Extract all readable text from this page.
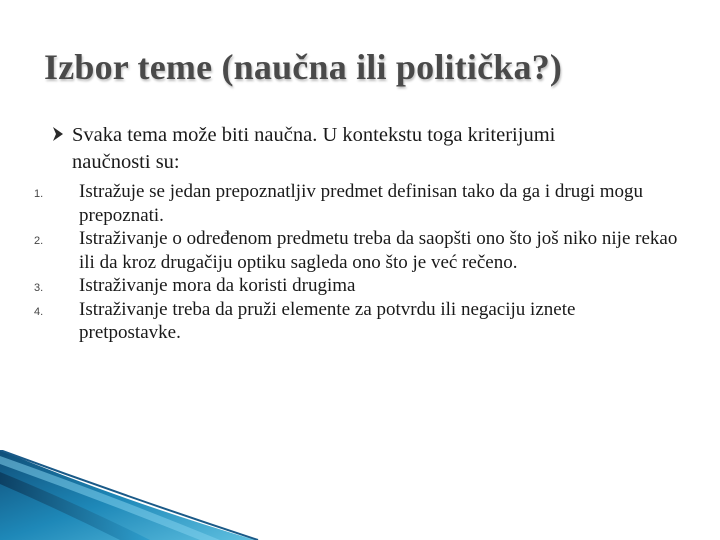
Izbor teme (naučna ili politička?)
Svaka tema može biti naučna. U kontekstu toga kriterijumi naučnosti su:
1. Istražuje se jedan prepoznatljiv predmet definisan tako da ga i drugi mogu prepoznati.
2. Istraživanje o određenom predmetu treba da saopšti ono što još niko nije rekao ili da kroz drugačiju optiku sagleda ono što je već rečeno.
3. Istraživanje mora da koristi drugima
4. Istraživanje treba da pruži elemente za potvrdu ili negaciju iznete pretpostavke.
